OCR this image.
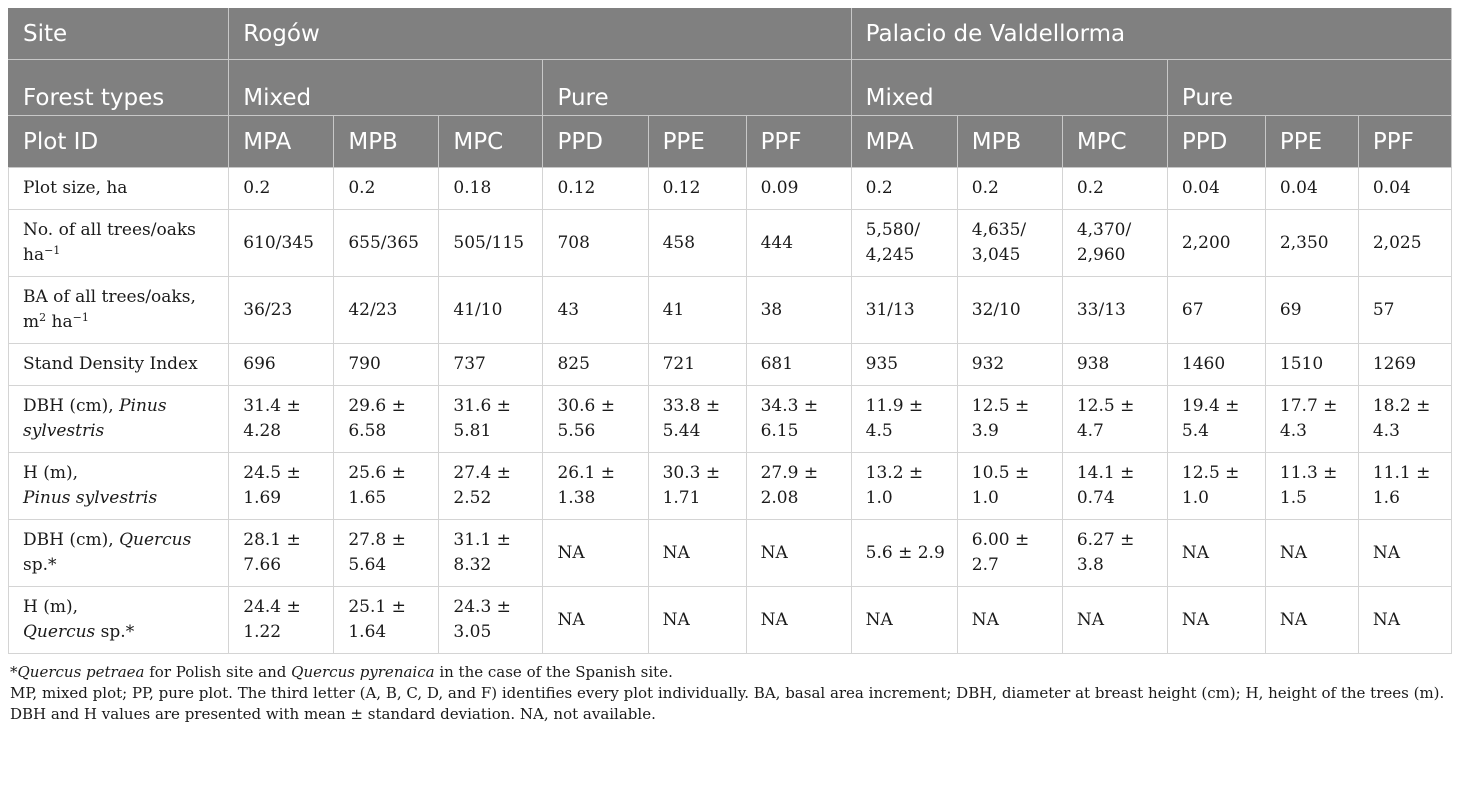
Site	Rogów						Palacio de Valdellorma					
Forest types	Mixed			Pure			Mixed			Pure		
Plot ID	MPA	MPB	MPC	PPD	PPE	PPF	MPA	MPB	MPC	PPD	PPE	PPF
Plot size, ha	0.2	0.2	0.18	0.12	0.12	0.09	0.2	0.2	0.2	0.04	0.04	0.04
No. of all trees/oaks
$ha^{-1}$	610/345	655/365	505/115	708	458	444	5,580/ 4,245	4,635/ 3,045	4,370/ 2,960	2,200	2,350	2,025
BA of all trees/oaks,
$m^2$ $ha^{-1}$	36/23	42/23	41/10	43	41	38	31/13	32/10	33/13	67	69	57
Stand Density Index	696	790	737	825	721	681	935	932	938	1460	1510	1269
DBH (cm), Pinus sylvestris	31.4 ± 4.28	29.6 ± 6.58	31.6 ± 5.81	30.6 ± 5.56	33.8 ± 5.44	34.3 ± 6.15	11.9 ± 4.5	12.5 ± 3.9	12.5 ± 4.7	19.4 ± 5.4	17.7 ± 4.3	18.2 ± 4.3
H (m),
Pinus sylvestris	24.5 ± 1.69	25.6 ± 1.65	27.4 ± 2.52	26.1 ± 1.38	30.3 ± 1.71	27.9 ± 2.08	13.2 ± 1.0	10.5 ± 1.0	14.1 ± 0.74	12.5 ± 1.0	11.3 ± 1.5	11.1 ± 1.6
DBH (cm), Quercus
sp.*	28.1 ± 7.66	27.8 ± 5.64	31.1 ± 8.32	NA	NA	NA	5.6 ± 2.9	6.00 ± 2.7	6.27 ± 3.8	NA	NA	NA
H (m),
Quercus sp.*	24.4 ± 1.22	25.1 ± 1.64	24.3 ± 3.05	NA	NA	NA	NA	NA	NA	NA	NA	NA

*Quercus petraea for Polish site and Quercus pyrenaica in the case of the Spanish site.

MP, mixed plot; PP, pure plot. The third letter (A, B, C, D, and F) identifies every plot individually. BA, basal area increment; DBH, diameter at breast height (cm); H, height of the trees (m). DBH and H values are presented with mean ± standard deviation. NA, not available.
